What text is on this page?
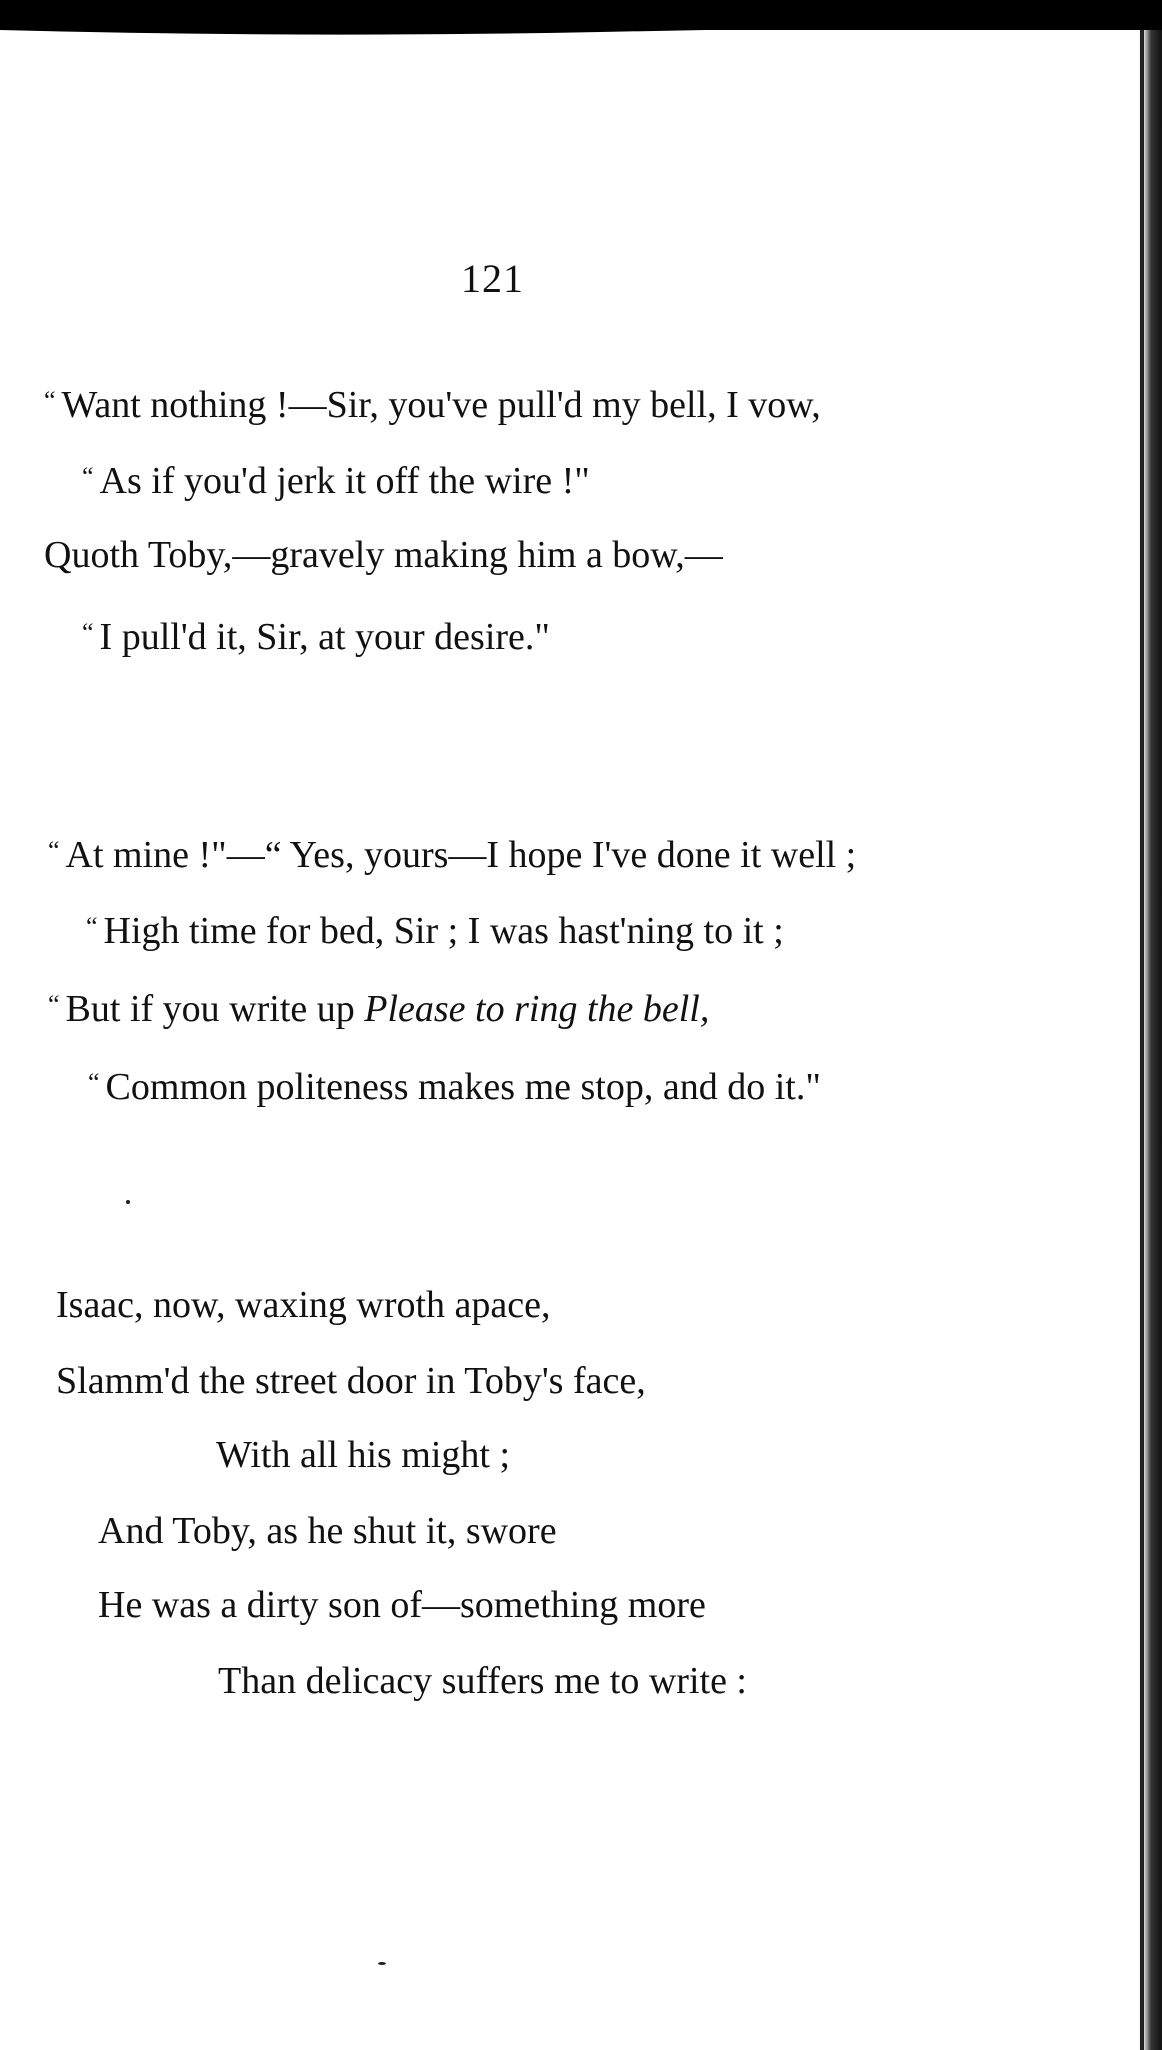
121
“ Want nothing !—Sir, you've pull'd my bell, I vow,
“ As if you'd jerk it off the wire !"
Quoth Toby,—gravely making him a bow,—
“ I pull'd it, Sir, at your desire."
“ At mine !"—“ Yes, yours—I hope I've done it well ;
“ High time for bed, Sir ; I was hast'ning to it ;
“ But if you write up Please to ring the bell,
“ Common politeness makes me stop, and do it."
Isaac, now, waxing wroth apace,
Slamm'd the street door in Toby's face,
With all his might ;
And Toby, as he shut it, swore
He was a dirty son of—something more
Than delicacy suffers me to write :
